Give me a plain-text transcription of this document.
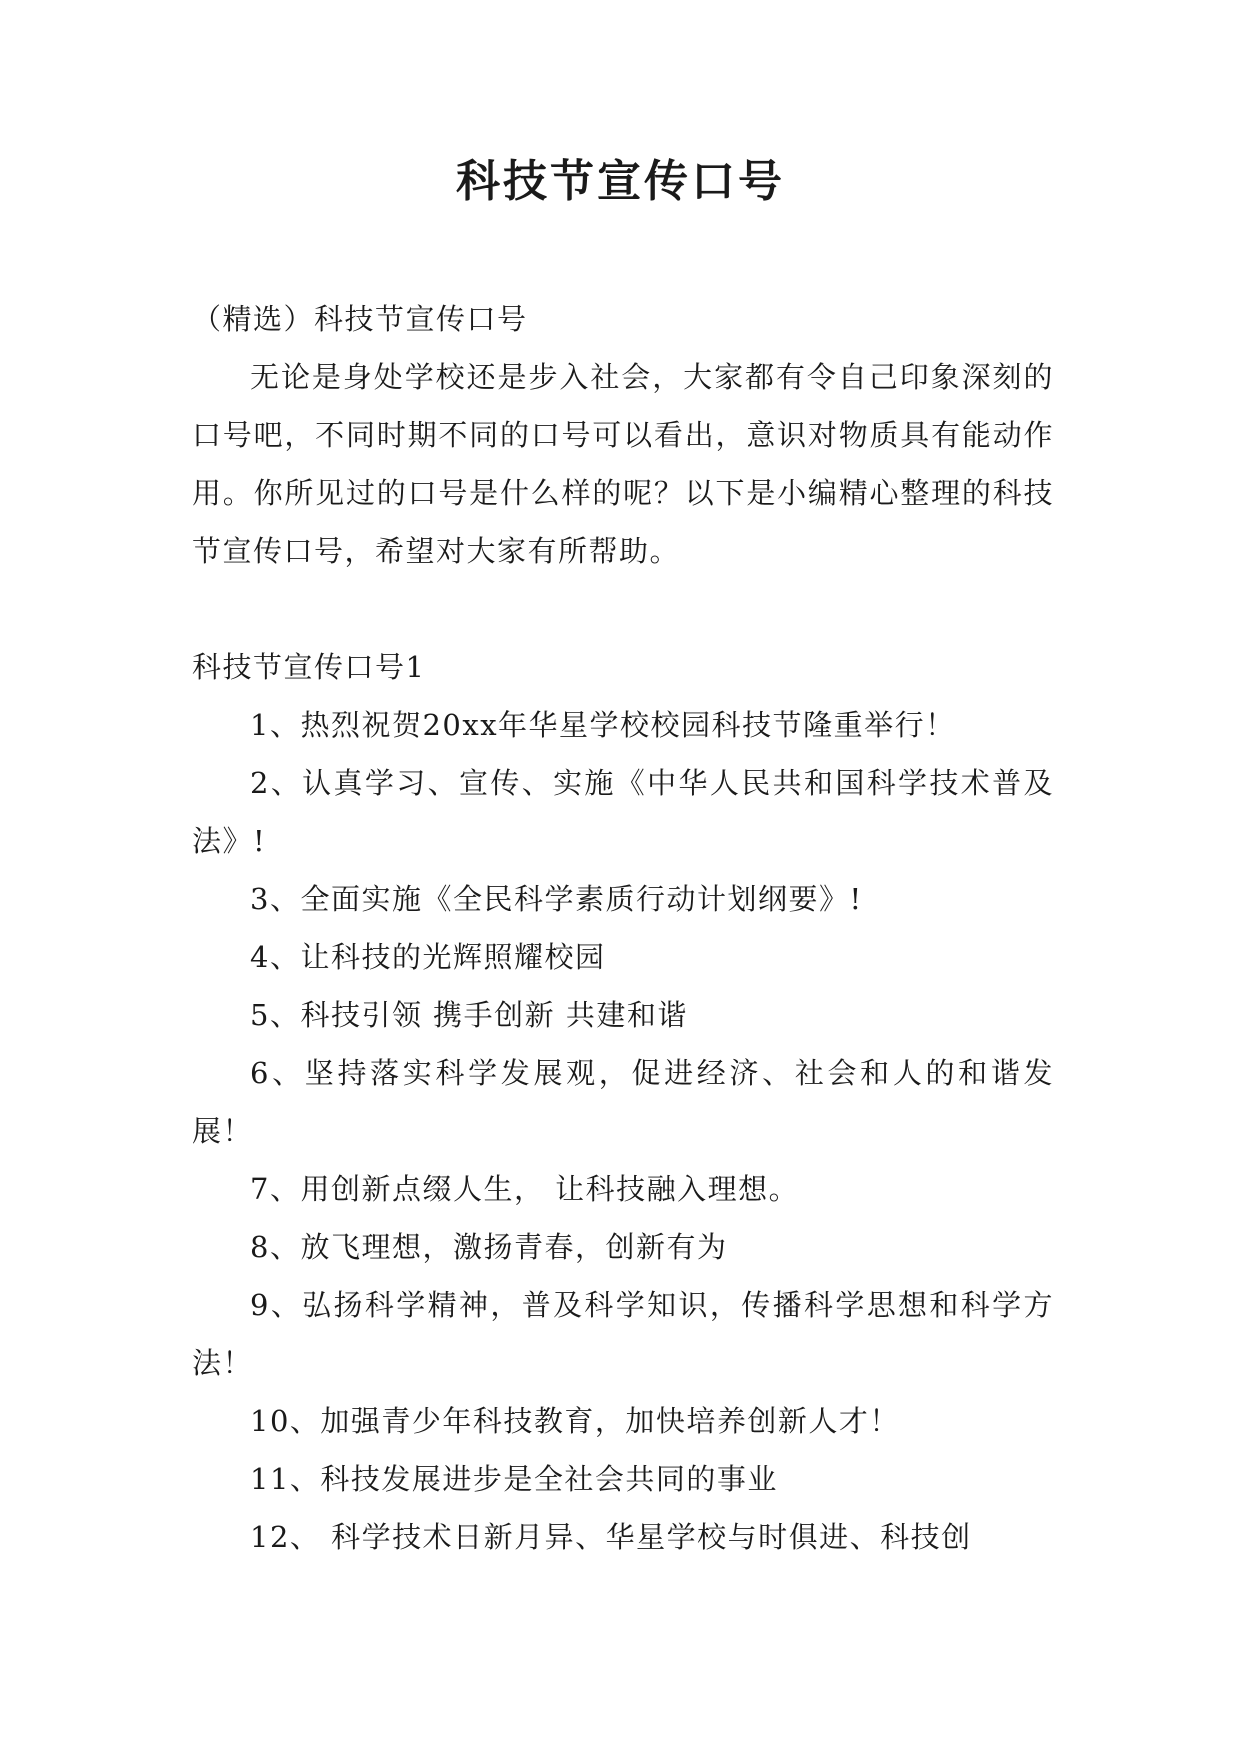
科技节宣传口号

（精选）科技节宣传口号

无论是身处学校还是步入社会，大家都有令自己印象深刻的口号吧，不同时期不同的口号可以看出，意识对物质具有能动作用。你所见过的口号是什么样的呢？以下是小编精心整理的科技节宣传口号，希望对大家有所帮助。

科技节宣传口号1

1、热烈祝贺20xx年华星学校校园科技节隆重举行！

2、认真学习、宣传、实施《中华人民共和国科学技术普及法》!

3、全面实施《全民科学素质行动计划纲要》!

4、让科技的光辉照耀校园

5、科技引领 携手创新 共建和谐

6、坚持落实科学发展观，促进经济、社会和人的和谐发展！

7、用创新点缀人生， 让科技融入理想。

8、放飞理想，激扬青春，创新有为

9、弘扬科学精神，普及科学知识，传播科学思想和科学方法！

10、加强青少年科技教育，加快培养创新人才！

11、科技发展进步是全社会共同的事业

12、 科学技术日新月异、华星学校与时俱进、科技创
